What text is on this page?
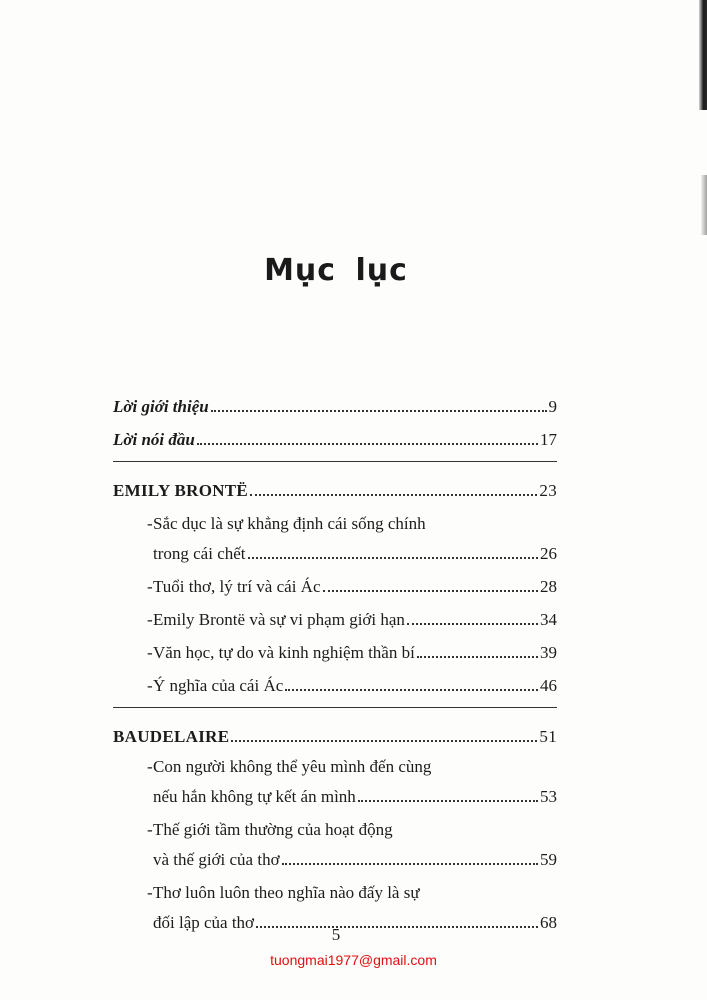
Mục lục
Lời giới thiệu	9
Lời nói đầu	17
EMILY BRONTË	23
- Sắc dục là sự khẳng định cái sống chính
trong cái chết	26
- Tuổi thơ, lý trí và cái Ác	28
- Emily Brontë và sự vi phạm giới hạn	34
- Văn học, tự do và kinh nghiệm thần bí	39
- Ý nghĩa của cái Ác	46
BAUDELAIRE	51
- Con người không thể yêu mình đến cùng
nếu hắn không tự kết án mình	53
- Thế giới tầm thường của hoạt động
và thế giới của thơ	59
- Thơ luôn luôn theo nghĩa nào đấy là sự
đối lập của thơ	68
5
tuongmai1977@gmail.com
